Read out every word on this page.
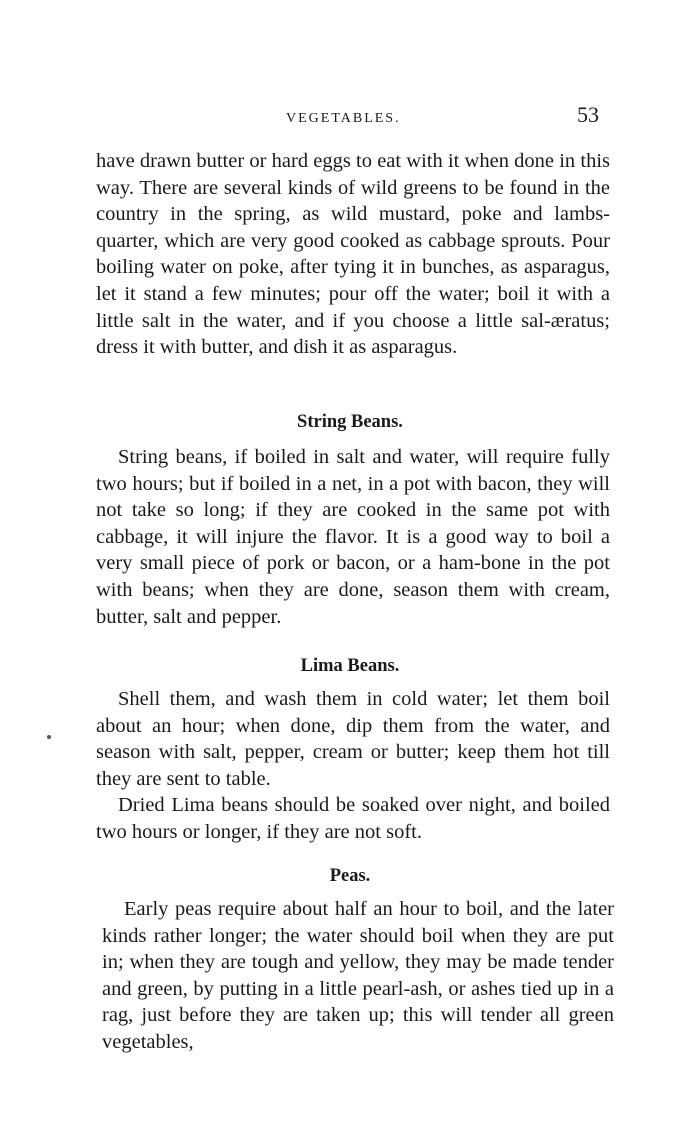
VEGETABLES.	53

have drawn butter or hard eggs to eat with it when done in this way. There are several kinds of wild greens to be found in the country in the spring, as wild mustard, poke and lambs-quarter, which are very good cooked as cabbage sprouts. Pour boiling water on poke, after tying it in bunches, as asparagus, let it stand a few minutes; pour off the water; boil it with a little salt in the water, and if you choose a little sal-æratus; dress it with butter, and dish it as asparagus.

String Beans.

String beans, if boiled in salt and water, will require fully two hours; but if boiled in a net, in a pot with bacon, they will not take so long; if they are cooked in the same pot with cabbage, it will injure the flavor. It is a good way to boil a very small piece of pork or bacon, or a ham-bone in the pot with beans; when they are done, season them with cream, butter, salt and pepper.

Lima Beans.

Shell them, and wash them in cold water; let them boil about an hour; when done, dip them from the water, and season with salt, pepper, cream or butter; keep them hot till they are sent to table.

Dried Lima beans should be soaked over night, and boiled two hours or longer, if they are not soft.

Peas.

Early peas require about half an hour to boil, and the later kinds rather longer; the water should boil when they are put in; when they are tough and yellow, they may be made tender and green, by putting in a little pearl-ash, or ashes tied up in a rag, just before they are taken up; this will tender all green vegetables,
